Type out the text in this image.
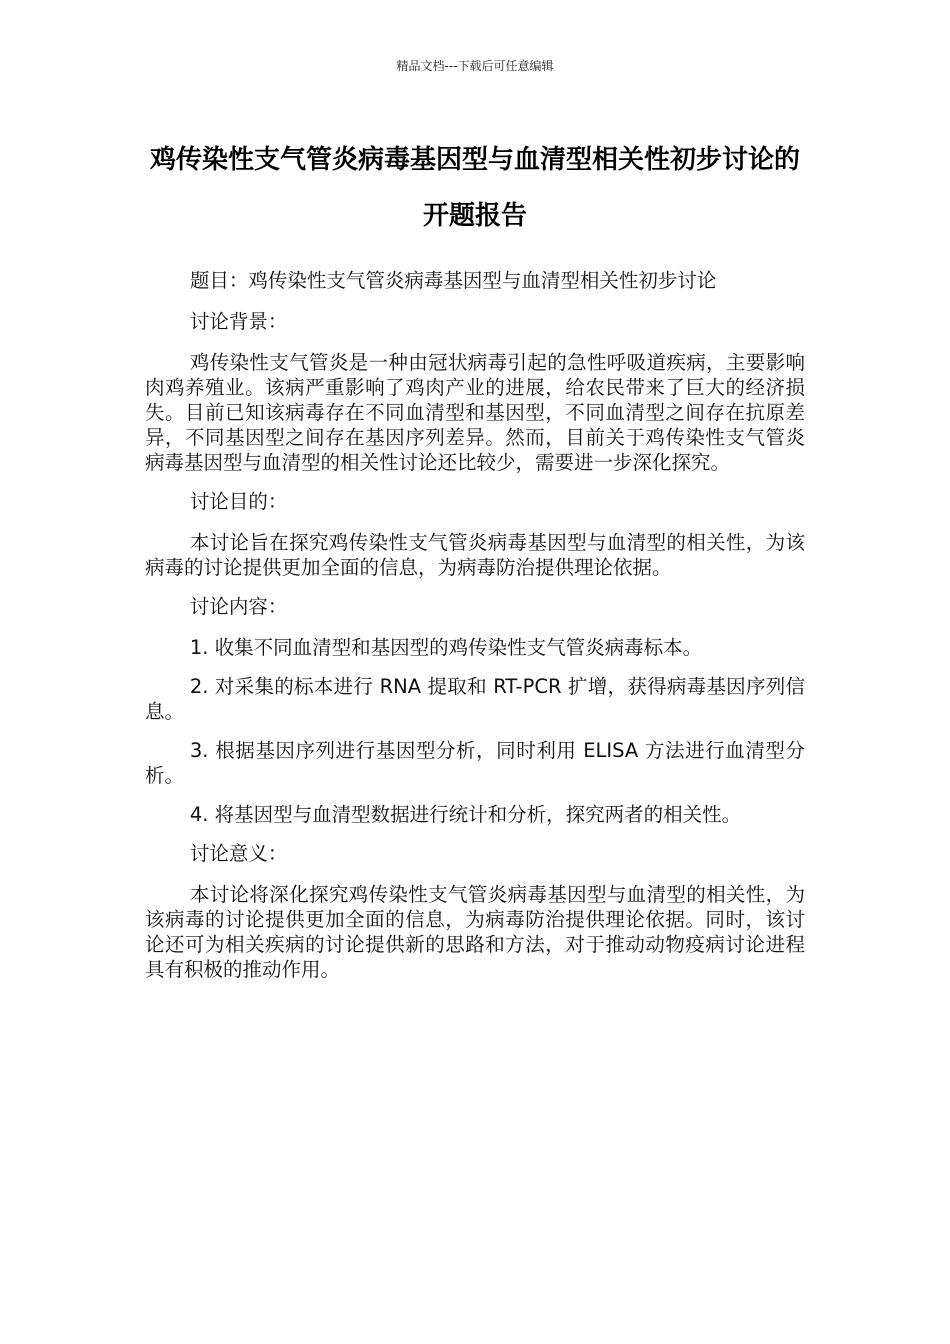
精品文档---下载后可任意编辑
鸡传染性支气管炎病毒基因型与血清型相关性初步讨论的开题报告

题目：鸡传染性支气管炎病毒基因型与血清型相关性初步讨论

讨论背景：

鸡传染性支气管炎是一种由冠状病毒引起的急性呼吸道疾病，主要影响肉鸡养殖业。该病严重影响了鸡肉产业的进展，给农民带来了巨大的经济损失。目前已知该病毒存在不同血清型和基因型，不同血清型之间存在抗原差异，不同基因型之间存在基因序列差异。然而，目前关于鸡传染性支气管炎病毒基因型与血清型的相关性讨论还比较少，需要进一步深化探究。

讨论目的：

本讨论旨在探究鸡传染性支气管炎病毒基因型与血清型的相关性，为该病毒的讨论提供更加全面的信息，为病毒防治提供理论依据。

讨论内容：

1. 收集不同血清型和基因型的鸡传染性支气管炎病毒标本。

2. 对采集的标本进行 RNA 提取和 RT-PCR 扩增，获得病毒基因序列信息。

3. 根据基因序列进行基因型分析，同时利用 ELISA 方法进行血清型分析。

4. 将基因型与血清型数据进行统计和分析，探究两者的相关性。

讨论意义：

本讨论将深化探究鸡传染性支气管炎病毒基因型与血清型的相关性，为该病毒的讨论提供更加全面的信息，为病毒防治提供理论依据。同时，该讨论还可为相关疾病的讨论提供新的思路和方法，对于推动动物疫病讨论进程具有积极的推动作用。
